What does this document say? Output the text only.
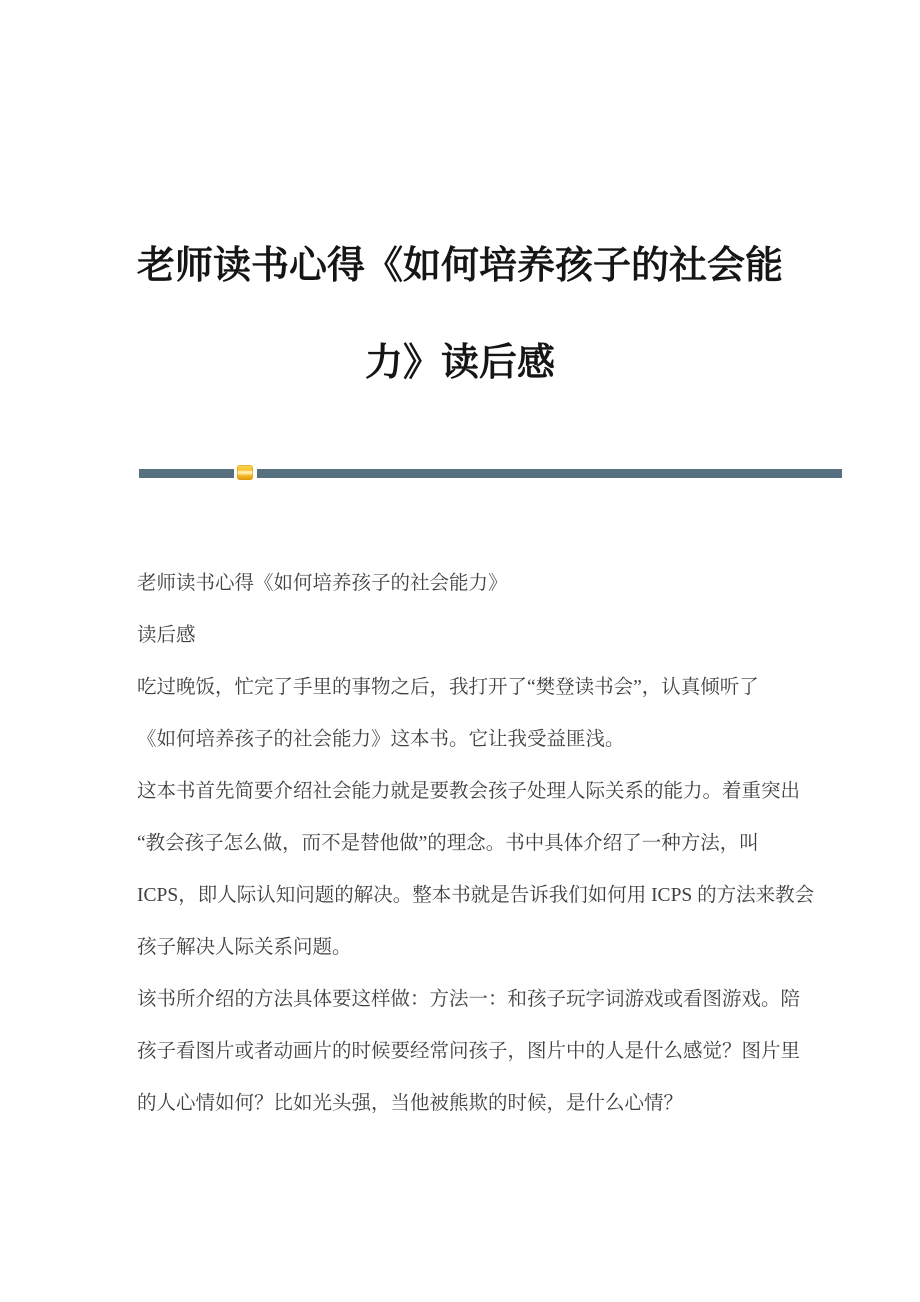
老师读书心得《如何培养孩子的社会能
力》读后感
老师读书心得《如何培养孩子的社会能力》
读后感
吃过晚饭，忙完了手里的事物之后，我打开了“樊登读书会”，认真倾听了
《如何培养孩子的社会能力》这本书。它让我受益匪浅。
这本书首先简要介绍社会能力就是要教会孩子处理人际关系的能力。着重突出
“教会孩子怎么做，而不是替他做”的理念。书中具体介绍了一种方法，叫
ICPS，即人际认知问题的解决。整本书就是告诉我们如何用 ICPS 的方法来教会
孩子解决人际关系问题。
该书所介绍的方法具体要这样做：方法一：和孩子玩字词游戏或看图游戏。陪
孩子看图片或者动画片的时候要经常问孩子，图片中的人是什么感觉？图片里
的人心情如何？比如光头强，当他被熊欺的时候，是什么心情？
